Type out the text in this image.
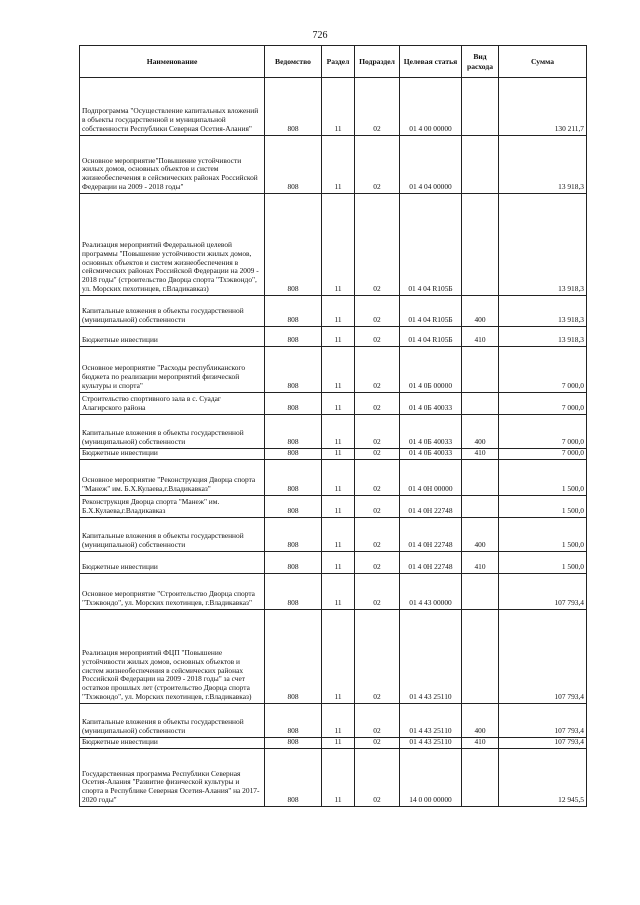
726
Наименование	Ведомство	Раздел	Подраздел	Целевая статья	Вид расхода	Сумма
Подпрограмма "Осуществление капитальных вложений в объекты государственной и муниципальной собственности Республики Северная Осетия-Алания"	808	11	02	01 4 00 00000		130 211,7
Основное мероприятие"Повышение устойчивости жилых домов, основных объектов и систем жизнеобеспечения в сейсмических районах Российской Федерации на 2009 - 2018 годы"	808	11	02	01 4 04 00000		13 918,3
Реализация мероприятий Федеральной целевой программы "Повышение устойчивости жилых домов, основных объектов и систем жизнеобеспечения в сейсмических районах Российской Федерации на 2009 - 2018 годы" (строительство Дворца спорта "Тхэквондо", ул. Морских пехотинцев, г.Владикавказ)	808	11	02	01 4 04 R105Б		13 918,3
Капитальные вложения в объекты государственной (муниципальной) собственности	808	11	02	01 4 04 R105Б	400	13 918,3
Бюджетные инвестиции	808	11	02	01 4 04 R105Б	410	13 918,3
Основное мероприятие "Расходы республиканского бюджета по реализации мероприятий физической культуры и спорта"	808	11	02	01 4 0Б 00000		7 000,0
Строительство спортивного зала в с. Суадаг Алагирского района	808	11	02	01 4 0Б 40033		7 000,0
Капитальные вложения в объекты государственной (муниципальной) собственности	808	11	02	01 4 0Б 40033	400	7 000,0
Бюджетные инвестиции	808	11	02	01 4 0Б 40033	410	7 000,0
Основное мероприятие "Реконструкция Дворца спорта "Манеж" им. Б.Х.Кулаева,г.Владикавказ"	808	11	02	01 4 0Н 00000		1 500,0
Реконструкция Дворца спорта "Манеж" им. Б.Х.Кулаева,г.Владикавказ	808	11	02	01 4 0Н 22748		1 500,0
Капитальные вложения в объекты государственной (муниципальной) собственности	808	11	02	01 4 0Н 22748	400	1 500,0
Бюджетные инвестиции	808	11	02	01 4 0Н 22748	410	1 500,0
Основное мероприятие "Строительство Дворца спорта "Тхэквондо", ул. Морских пехотинцев, г.Владикавказ"	808	11	02	01 4 43 00000		107 793,4
Реализация мероприятий ФЦП "Повышение устойчивости жилых домов, основных объектов и систем жизнеобеспечения в сейсмических районах Российской Федерации на 2009 - 2018 годы" за счет остатков прошлых лет (строительство Дворца спорта "Тхэквондо", ул. Морских пехотинцев, г.Владикавказ)	808	11	02	01 4 43 25110		107 793,4
Капитальные вложения в объекты государственной (муниципальной) собственности	808	11	02	01 4 43 25110	400	107 793,4
Бюджетные инвестиции	808	11	02	01 4 43 25110	410	107 793,4
Государственная программа Республики Северная Осетия-Алания "Развитие физической культуры и спорта в Республике Северная Осетия-Алания" на 2017-2020 годы"	808	11	02	14 0 00 00000		12 945,5
